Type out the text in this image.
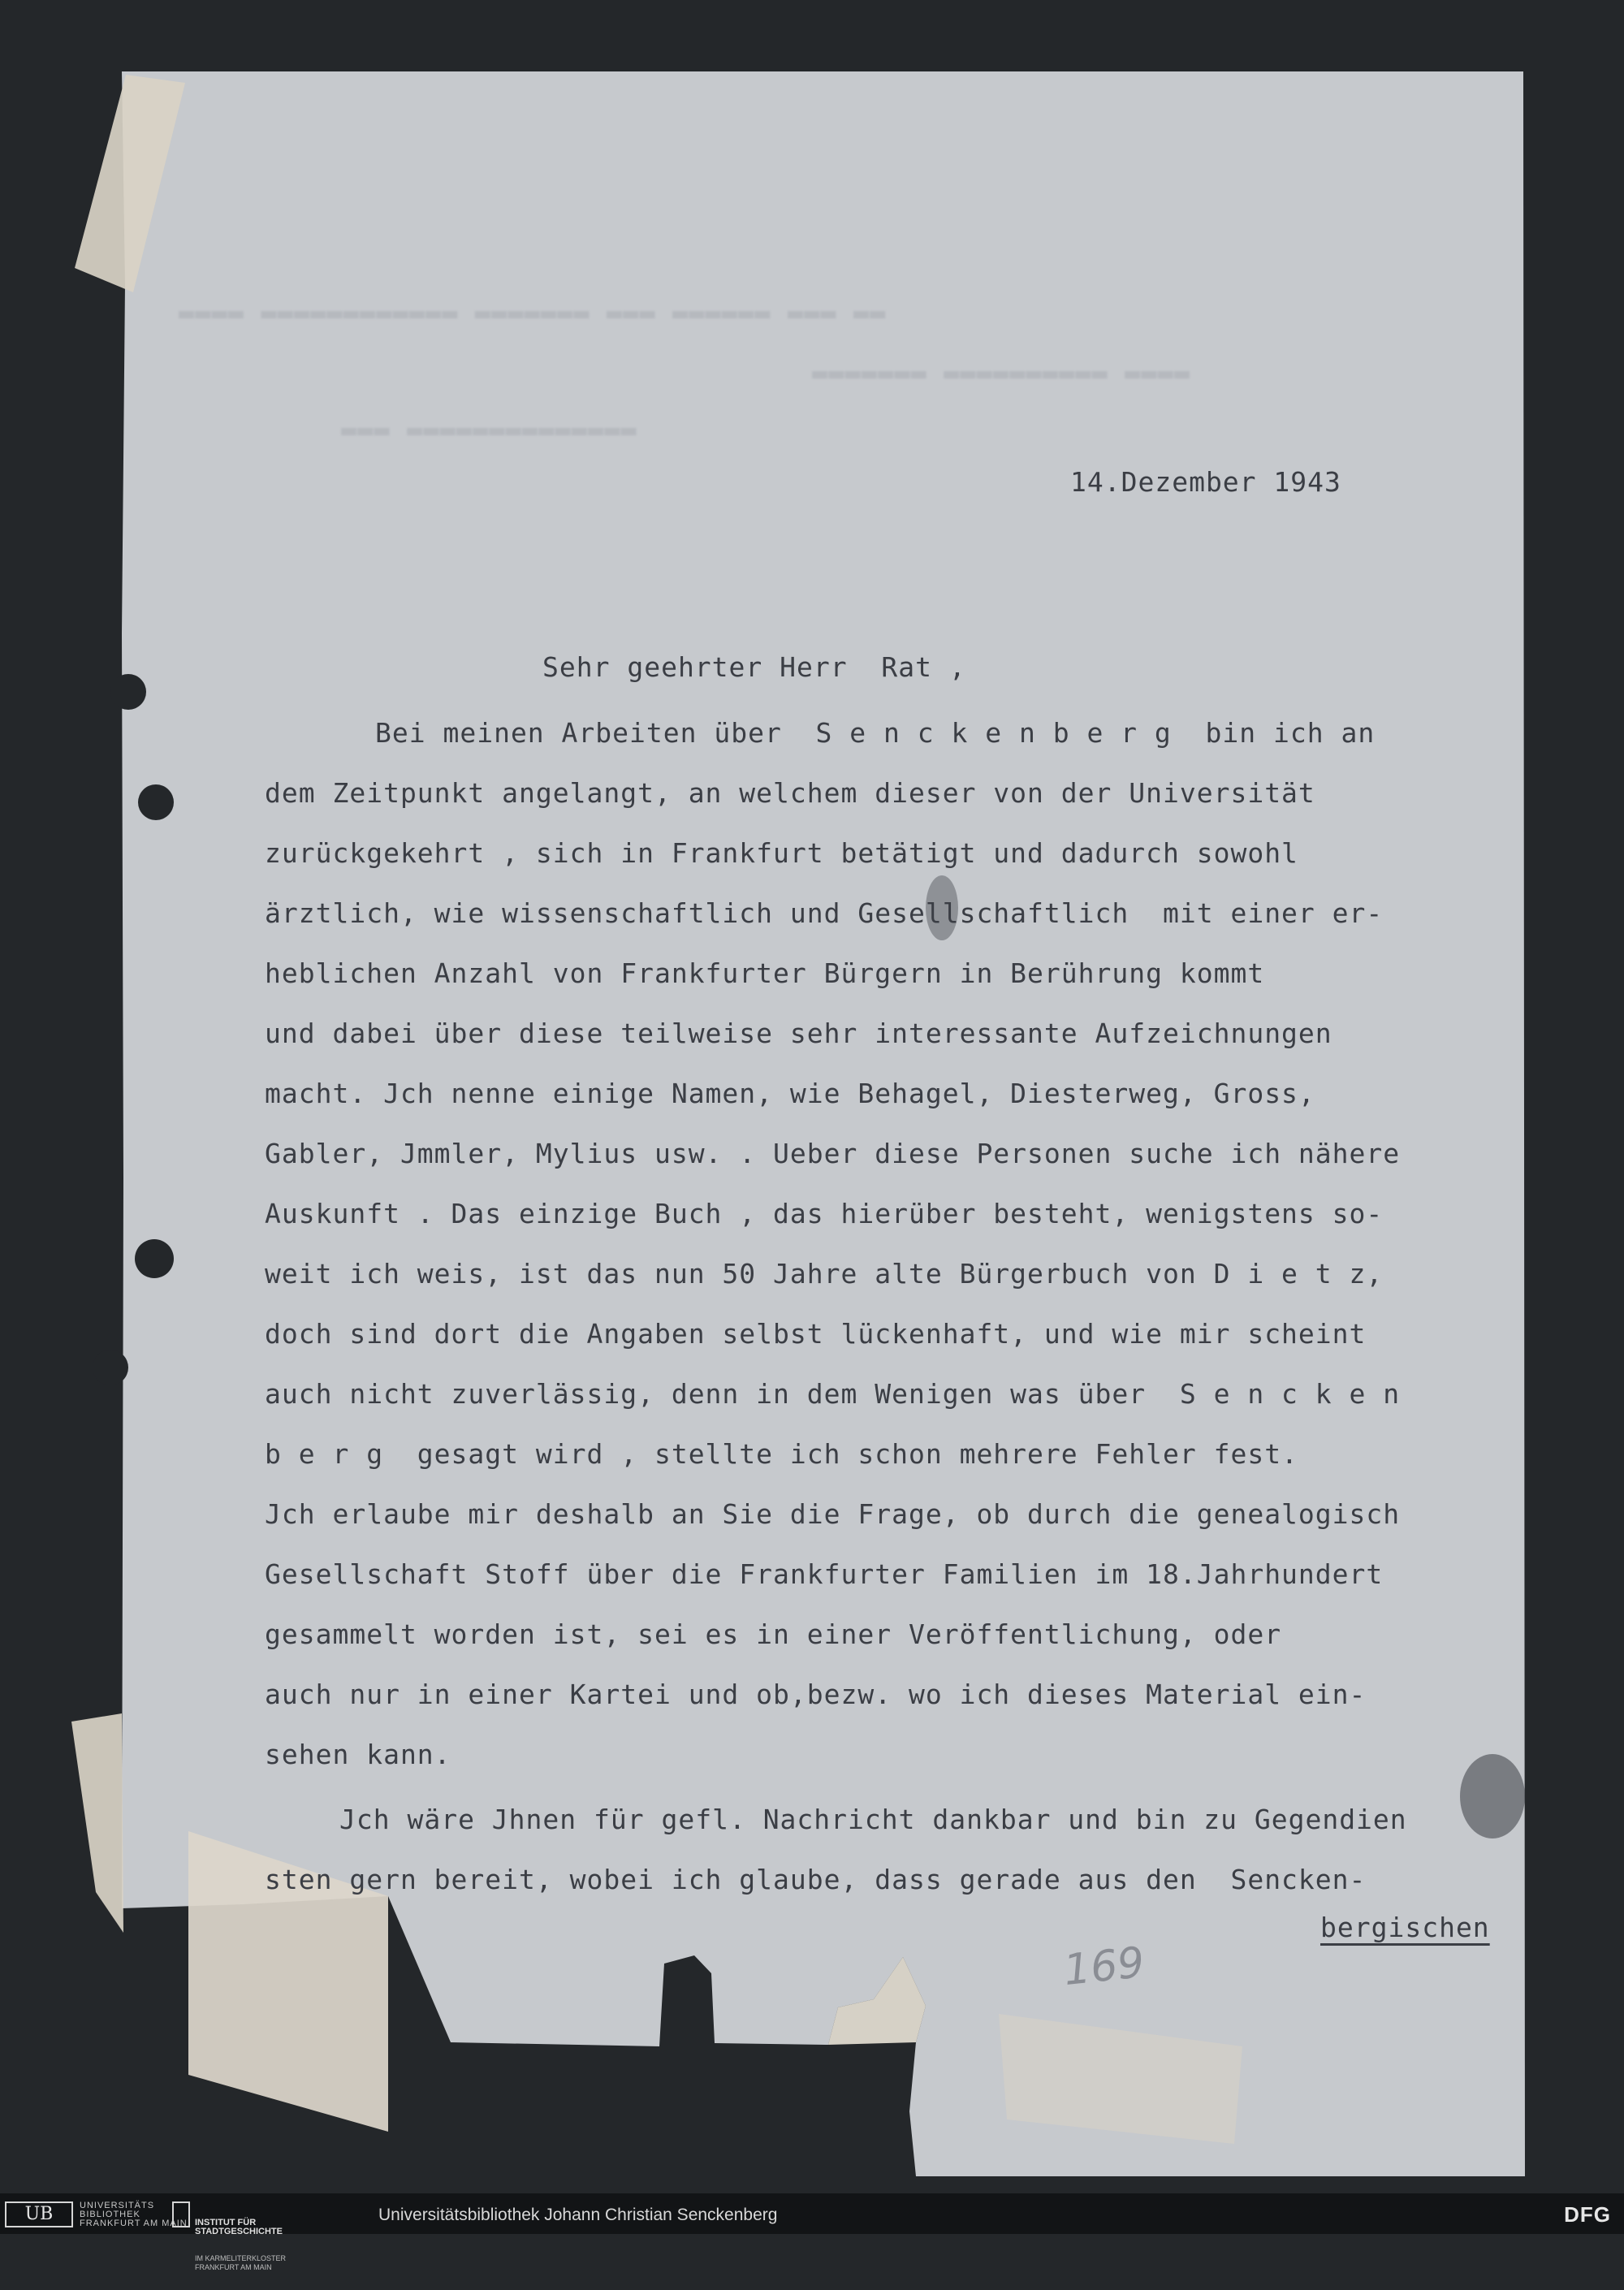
▬▬▬▬ ▬▬▬▬▬▬▬▬▬▬▬▬ ▬▬▬▬▬▬▬ ▬▬▬ ▬▬▬▬▬▬ ▬▬▬ ▬▬
▬▬▬▬▬▬▬ ▬▬▬▬▬▬▬▬▬▬ ▬▬▬▬
▬▬▬ ▬▬▬▬▬▬▬▬▬▬▬▬▬▬
14.Dezember 1943
Sehr geehrter Herr  Rat ,
Bei meinen Arbeiten über  S e n c k e n b e r g  bin ich an
dem Zeitpunkt angelangt, an welchem dieser von der Universität
zurückgekehrt , sich in Frankfurt betätigt und dadurch sowohl
ärztlich, wie wissenschaftlich und Gesellschaftlich  mit einer er-
heblichen Anzahl von Frankfurter Bürgern in Berührung kommt
und dabei über diese teilweise sehr interessante Aufzeichnungen
macht. Jch nenne einige Namen, wie Behagel, Diesterweg, Gross,
Gabler, Jmmler, Mylius usw. . Ueber diese Personen suche ich nähere
Auskunft . Das einzige Buch , das hierüber besteht, wenigstens so-
weit ich weis, ist das nun 50 Jahre alte Bürgerbuch von D i e t z,
doch sind dort die Angaben selbst lückenhaft, und wie mir scheint
auch nicht zuverlässig, denn in dem Wenigen was über  S e n c k e n
b e r g  gesagt wird , stellte ich schon mehrere Fehler fest.
Jch erlaube mir deshalb an Sie die Frage, ob durch die genealogisch
Gesellschaft Stoff über die Frankfurter Familien im 18.Jahrhundert
gesammelt worden ist, sei es in einer Veröffentlichung, oder
auch nur in einer Kartei und ob,bezw. wo ich dieses Material ein-
sehen kann.
Jch wäre Jhnen für gefl. Nachricht dankbar und bin zu Gegendien
sten gern bereit, wobei ich glaube, dass gerade aus den  Sencken-
bergischen
169
UB	UNIVERSITÄTS
BIBLIOTHEK
FRANKFURT AM MAIN

INSTITUT FÜR
STADTGESCHICHTE

IM KARMELITERKLOSTER
FRANKFURT AM MAIN

Universitätsbibliothek Johann Christian Senckenberg	DFG
